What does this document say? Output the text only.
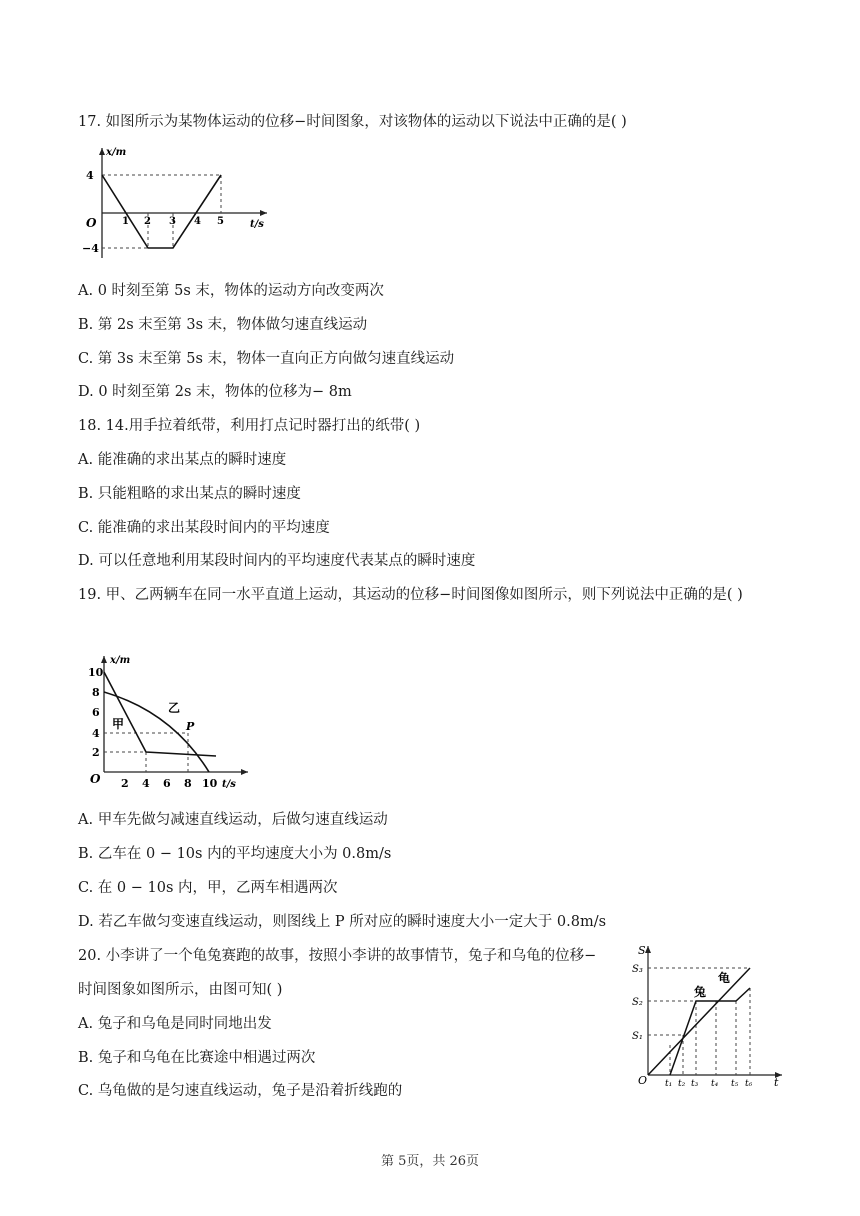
17. 如图所示为某物体运动的位移−时间图象，对该物体的运动以下说法中正确的是( )
x/m
4
−4
O	1 2 3 4 5	t/s
A. 0 时刻至第 5s 末，物体的运动方向改变两次
B. 第 2s 末至第 3s 末，物体做匀速直线运动
C. 第 3s 末至第 5s 末，物体一直向正方向做匀速直线运动
D. 0 时刻至第 2s 末，物体的位移为− 8m
18. 14.用手拉着纸带，利用打点记时器打出的纸带( )
A. 能准确的求出某点的瞬时速度
B. 只能粗略的求出某点的瞬时速度
C. 能准确的求出某段时间内的平均速度
D. 可以任意地利用某段时间内的平均速度代表某点的瞬时速度
19. 甲、乙两辆车在同一水平直道上运动，其运动的位移−时间图像如图所示，则下列说法中正确的是( )
x/m
10
8
6
4
2
O 2 4 6 8 10 t/s
甲
乙
P
A. 甲车先做匀减速直线运动，后做匀速直线运动
B. 乙车在 0 − 10s 内的平均速度大小为 0.8m/s
C. 在 0 − 10s 内，甲，乙两车相遇两次
D. 若乙车做匀变速直线运动，则图线上 P 所对应的瞬时速度大小一定大于 0.8m/s
20. 小李讲了一个龟兔赛跑的故事，按照小李讲的故事情节，兔子和乌龟的位移−
时间图象如图所示，由图可知( )
S
S₃
S₂
S₁
O t₁ t₂ t₃ t₄ t₅ t₆ t
龟
兔
A. 兔子和乌龟是同时同地出发
B. 兔子和乌龟在比赛途中相遇过两次
C. 乌龟做的是匀速直线运动，兔子是沿着折线跑的
第 5页，共 26页
